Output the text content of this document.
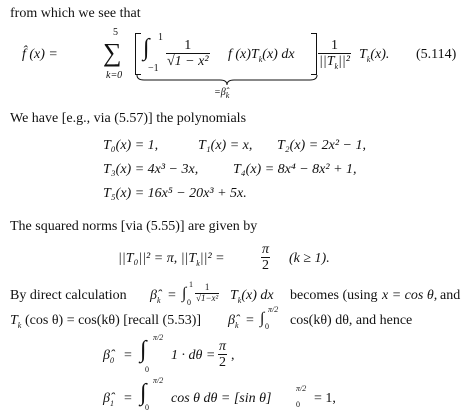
from which we see that
f̂ (x) =
5
∑
k=0
∫ 1
$-1 \frac{1}{\text{√1 − x²}}$ f $(x)T_k(x)$ dx
$=\betâ_k$
$\frac{1}{||T_k||^2} T_k(x)$. (5.114)
We have [e.g., via (5.57)] the polynomials
T₀(x) = 1,	T₁(x) = x, T₂(x) = 2x² − 1,
T₃(x) = 4x³ − 3x, T₄(x) = 8x⁴ − 8x² + 1,
T₅(x) = 16x⁵ − 20x³ + 5x.
The squared norms [via (5.55)] are given by
||T₀||² = π, $||T_k||^2$ =	$\frac{\pi}{2} (k \ge 1)$.
By direct calculation $\betâ_k$ = ∫
1
$0 \frac{1}{\text{√1−x²}} T_k(x)$ dx becomes (using x = cos θ, and
$T_k$ (cos θ) = cos(kθ) [recall (5.53)] $\betâ_k$ = ∫
π/2
0 cos(kθ) dθ, and hence
$\betâ_0$ = ∫ π/2
0
$1 \cdot d\theta = \frac{\pi}{2}$ ,
$\betâ_1$ = ∫ π/2
0
cos θ dθ = [sin θ]
π/2
0 = 1,
